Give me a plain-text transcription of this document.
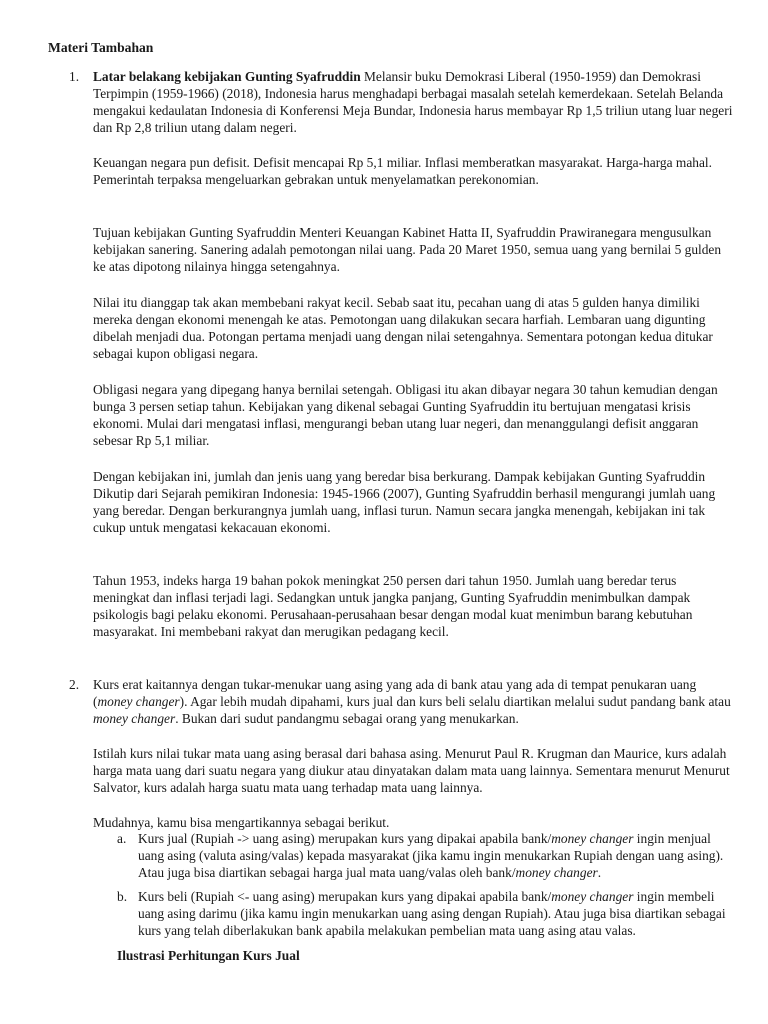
Materi Tambahan
1. Latar belakang kebijakan Gunting Syafruddin Melansir buku Demokrasi Liberal (1950-1959) dan Demokrasi Terpimpin (1959-1966) (2018), Indonesia harus menghadapi berbagai masalah setelah kemerdekaan. Setelah Belanda mengakui kedaulatan Indonesia di Konferensi Meja Bundar, Indonesia harus membayar Rp 1,5 triliun utang luar negeri dan Rp 2,8 triliun utang dalam negeri.

Keuangan negara pun defisit. Defisit mencapai Rp 5,1 miliar. Inflasi memberatkan masyarakat. Harga-harga mahal. Pemerintah terpaksa mengeluarkan gebrakan untuk menyelamatkan perekonomian.

Tujuan kebijakan Gunting Syafruddin Menteri Keuangan Kabinet Hatta II, Syafruddin Prawiranegara mengusulkan kebijakan sanering. Sanering adalah pemotongan nilai uang. Pada 20 Maret 1950, semua uang yang bernilai 5 gulden ke atas dipotong nilainya hingga setengahnya.

Nilai itu dianggap tak akan membebani rakyat kecil. Sebab saat itu, pecahan uang di atas 5 gulden hanya dimiliki mereka dengan ekonomi menengah ke atas. Pemotongan uang dilakukan secara harfiah. Lembaran uang digunting dibelah menjadi dua. Potongan pertama menjadi uang dengan nilai setengahnya. Sementara potongan kedua ditukar sebagai kupon obligasi negara.

Obligasi negara yang dipegang hanya bernilai setengah. Obligasi itu akan dibayar negara 30 tahun kemudian dengan bunga 3 persen setiap tahun. Kebijakan yang dikenal sebagai Gunting Syafruddin itu bertujuan mengatasi krisis ekonomi. Mulai dari mengatasi inflasi, mengurangi beban utang luar negeri, dan menanggulangi defisit anggaran sebesar Rp 5,1 miliar.

Dengan kebijakan ini, jumlah dan jenis uang yang beredar bisa berkurang. Dampak kebijakan Gunting Syafruddin Dikutip dari Sejarah pemikiran Indonesia: 1945-1966 (2007), Gunting Syafruddin berhasil mengurangi jumlah uang yang beredar. Dengan berkurangnya jumlah uang, inflasi turun. Namun secara jangka menengah, kebijakan ini tak cukup untuk mengatasi kekacauan ekonomi.

Tahun 1953, indeks harga 19 bahan pokok meningkat 250 persen dari tahun 1950. Jumlah uang beredar terus meningkat dan inflasi terjadi lagi. Sedangkan untuk jangka panjang, Gunting Syafruddin menimbulkan dampak psikologis bagi pelaku ekonomi. Perusahaan-perusahaan besar dengan modal kuat menimbun barang kebutuhan masyarakat. Ini membebani rakyat dan merugikan pedagang kecil.

2. Kurs erat kaitannya dengan tukar-menukar uang asing yang ada di bank atau yang ada di tempat penukaran uang (money changer). Agar lebih mudah dipahami, kurs jual dan kurs beli selalu diartikan melalui sudut pandang bank atau money changer. Bukan dari sudut pandangmu sebagai orang yang menukarkan.

Istilah kurs nilai tukar mata uang asing berasal dari bahasa asing. Menurut Paul R. Krugman dan Maurice, kurs adalah harga mata uang dari suatu negara yang diukur atau dinyatakan dalam mata uang lainnya. Sementara menurut Menurut Salvator, kurs adalah harga suatu mata uang terhadap mata uang lainnya.

Mudahnya, kamu bisa mengartikannya sebagai berikut.

a. Kurs jual (Rupiah -> uang asing) merupakan kurs yang dipakai apabila bank/money changer ingin menjual uang asing (valuta asing/valas) kepada masyarakat (jika kamu ingin menukarkan Rupiah dengan uang asing). Atau juga bisa diartikan sebagai harga jual mata uang/valas oleh bank/money changer.

b. Kurs beli (Rupiah <- uang asing) merupakan kurs yang dipakai apabila bank/money changer ingin membeli uang asing darimu (jika kamu ingin menukarkan uang asing dengan Rupiah). Atau juga bisa diartikan sebagai kurs yang telah diberlakukan bank apabila melakukan pembelian mata uang asing atau valas.

Ilustrasi Perhitungan Kurs Jual
